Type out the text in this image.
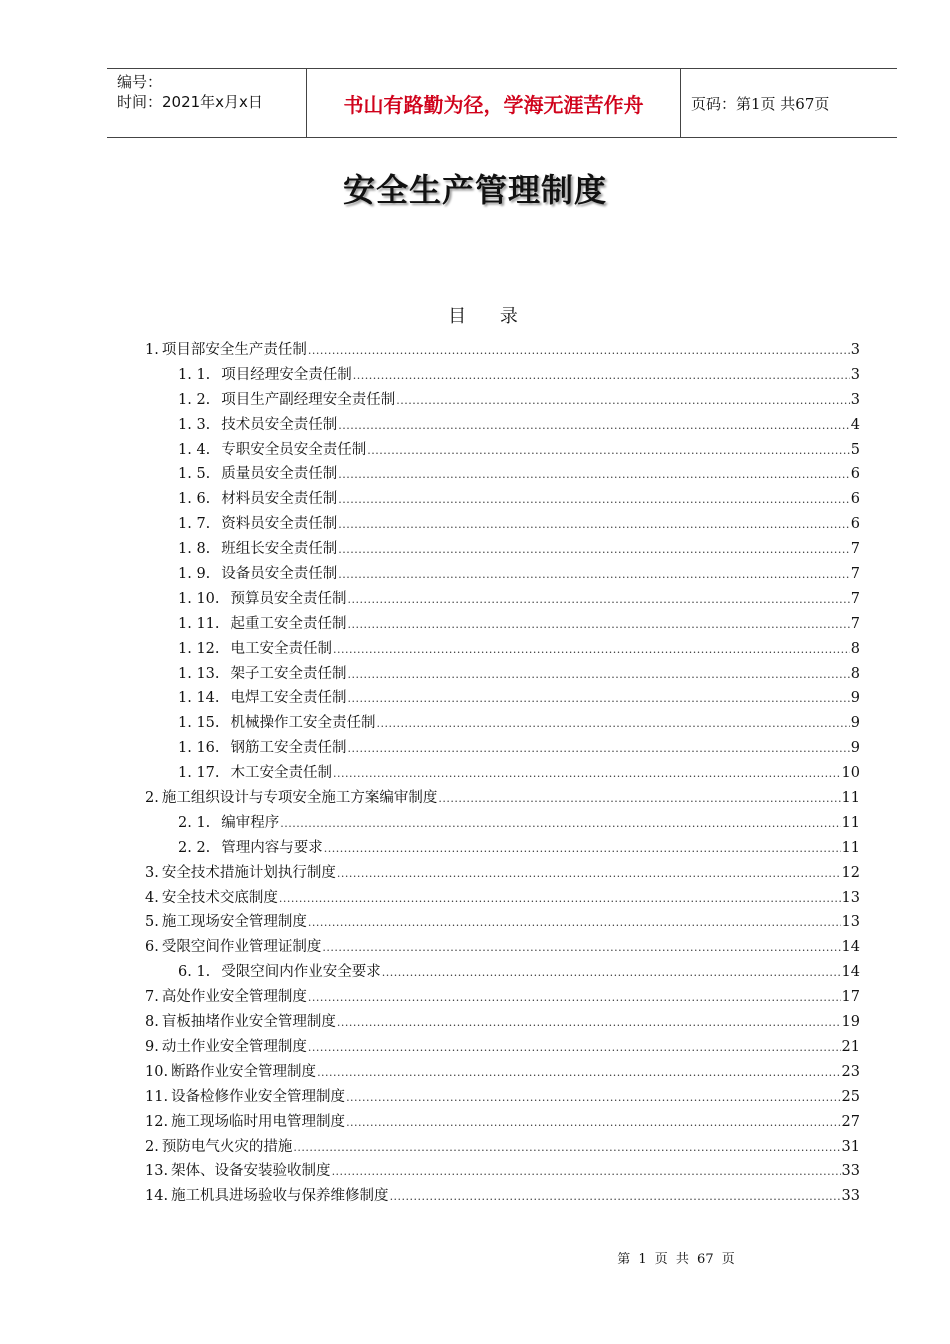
编号：
时间：2021年x月x日	书山有路勤为径，学海无涯苦作舟	页码：第1页 共67页
安全生产管理制度
目 录
1. 项目部安全生产责任制 .....	3
1. 1. 项目经理安全责任制 .....	3
1. 2. 项目生产副经理安全责任制 .....	3
1. 3. 技术员安全责任制 .....	4
1. 4. 专职安全员安全责任制 .....	5
1. 5. 质量员安全责任制 .....	6
1. 6. 材料员安全责任制 .....	6
1. 7. 资料员安全责任制 .....	6
1. 8. 班组长安全责任制 .....	7
1. 9. 设备员安全责任制 .....	7
1. 10. 预算员安全责任制 .....	7
1. 11. 起重工安全责任制 .....	7
1. 12. 电工安全责任制 .....	8
1. 13. 架子工安全责任制 .....	8
1. 14. 电焊工安全责任制 .....	9
1. 15. 机械操作工安全责任制 .....	9
1. 16. 钢筋工安全责任制 .....	9
1. 17. 木工安全责任制 .....	10
2. 施工组织设计与专项安全施工方案编审制度 .....	11
2. 1. 编审程序 .....	11
2. 2. 管理内容与要求 .....	11
3. 安全技术措施计划执行制度 .....	12
4. 安全技术交底制度 .....	13
5. 施工现场安全管理制度 .....	13
6. 受限空间作业管理证制度 .....	14
6. 1. 受限空间内作业安全要求 .....	14
7. 高处作业安全管理制度 .....	17
8. 盲板抽堵作业安全管理制度 .....	19
9. 动土作业安全管理制度 .....	21
10. 断路作业安全管理制度 .....	23
11. 设备检修作业安全管理制度 .....	25
12. 施工现场临时用电管理制度 .....	27
2. 预防电气火灾的措施 .....	31
13. 架体、设备安装验收制度 .....	33
14. 施工机具进场验收与保养维修制度 .....	33
第 1 页 共 67 页
